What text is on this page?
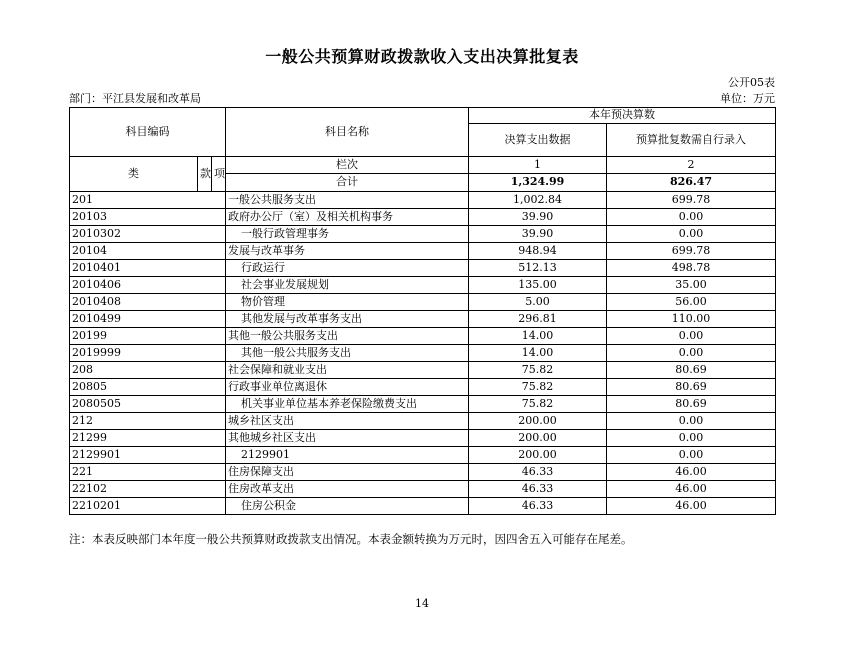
一般公共预算财政拨款收入支出决算批复表
公开05表
部门：平江县发展和改革局	单位：万元
科目编码			科目名称	本年预决算数	
				决算支出数据	预算批复数需自行录入
类	款	项	栏次	1	2
			合计	1,324.99	826.47
201			一般公共服务支出	1,002.84	699.78
20103			政府办公厅（室）及相关机构事务	39.90	0.00
2010302			一般行政管理事务	39.90	0.00
20104			发展与改革事务	948.94	699.78
2010401			行政运行	512.13	498.78
2010406			社会事业发展规划	135.00	35.00
2010408			物价管理	5.00	56.00
2010499			其他发展与改革事务支出	296.81	110.00
20199			其他一般公共服务支出	14.00	0.00
2019999			其他一般公共服务支出	14.00	0.00
208			社会保障和就业支出	75.82	80.69
20805			行政事业单位离退休	75.82	80.69
2080505			机关事业单位基本养老保险缴费支出	75.82	80.69
212			城乡社区支出	200.00	0.00
21299			其他城乡社区支出	200.00	0.00
2129901			2129901	200.00	0.00
221			住房保障支出	46.33	46.00
22102			住房改革支出	46.33	46.00
2210201			住房公积金	46.33	46.00

注：本表反映部门本年度一般公共预算财政拨款支出情况。本表金额转换为万元时，因四舍五入可能存在尾差。

14
